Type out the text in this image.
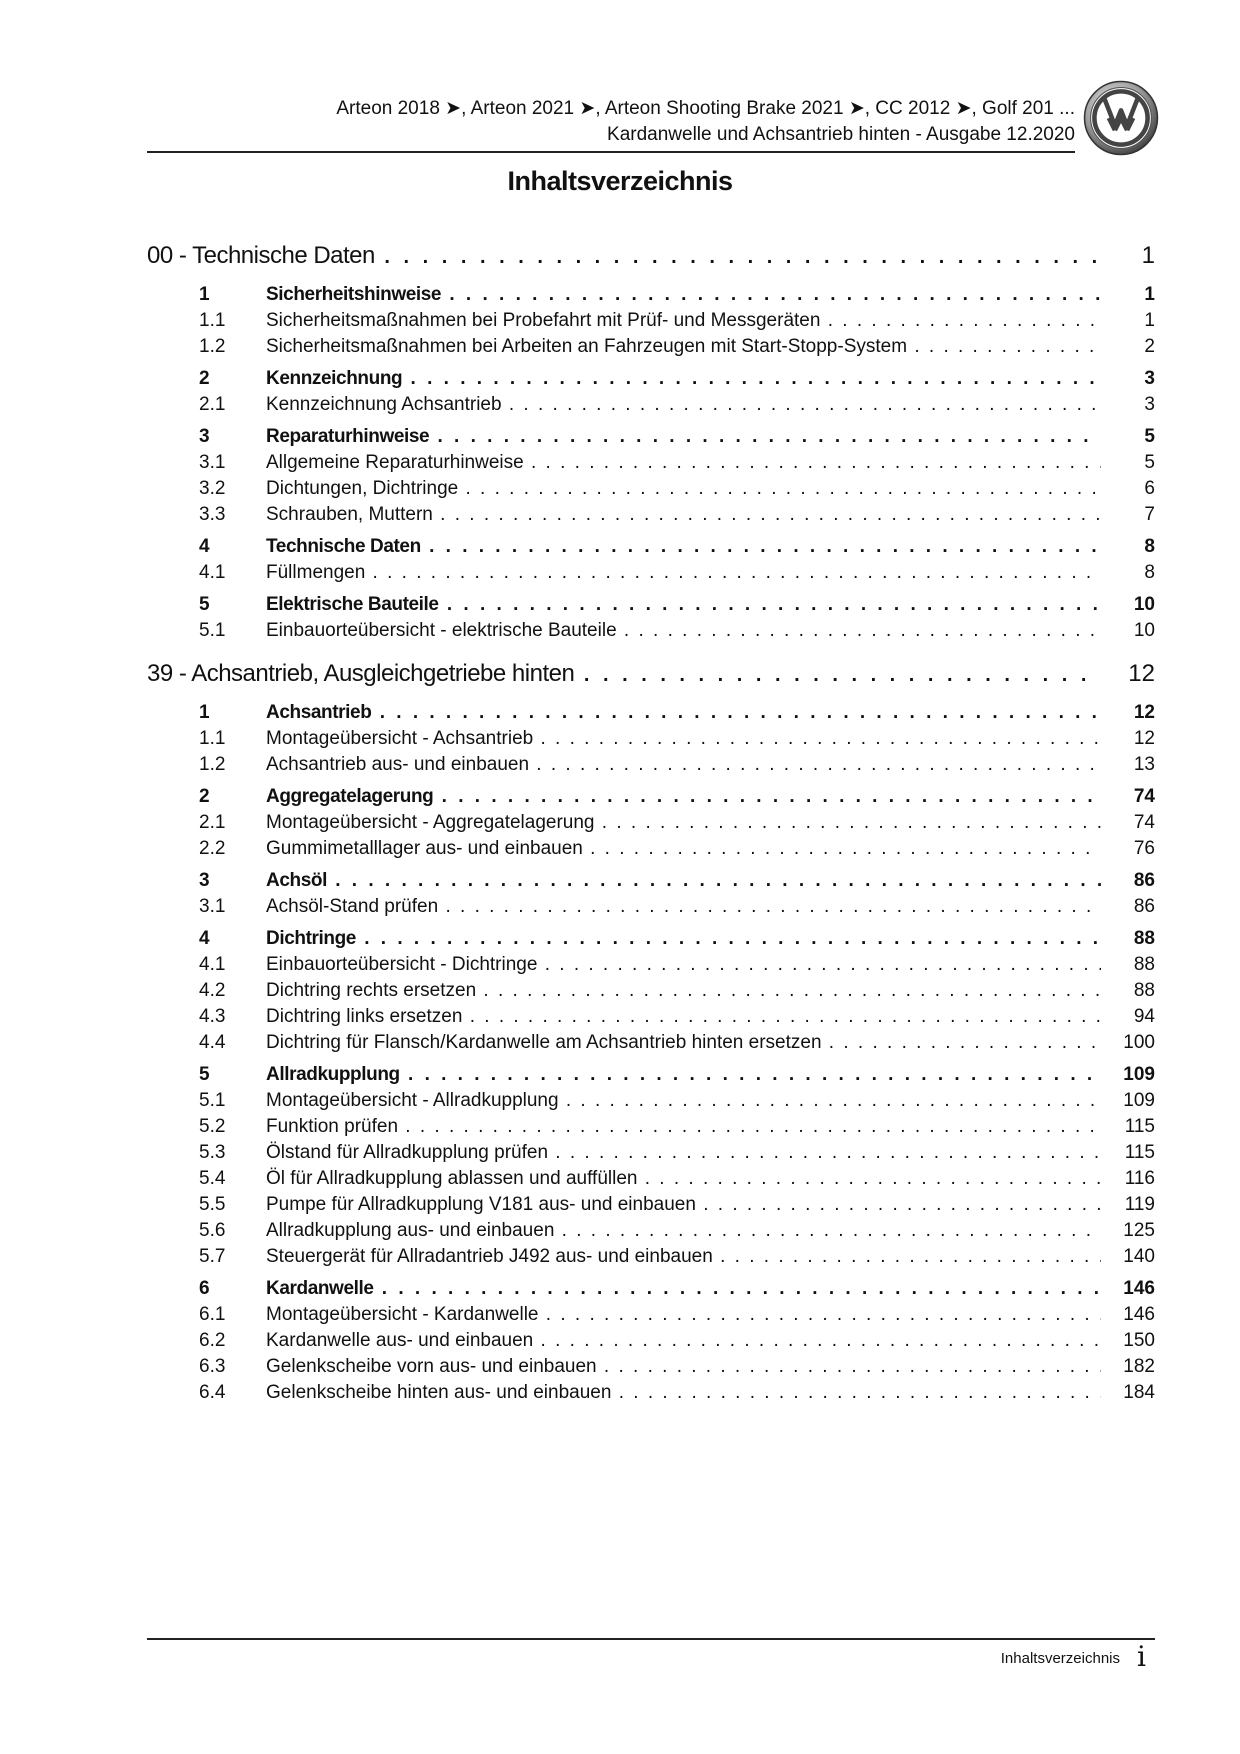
Arteon 2018 ➤, Arteon 2021 ➤, Arteon Shooting Brake 2021 ➤, CC 2012 ➤, Golf 201 ...
Kardanwelle und Achsantrieb hinten - Ausgabe 12.2020
Inhaltsverzeichnis
00 - Technische Daten . . .	1
1	Sicherheitshinweise . . .	1
1.1 Sicherheitsmaßnahmen bei Probefahrt mit Prüf- und Messgeräten . . .	1
1.2 Sicherheitsmaßnahmen bei Arbeiten an Fahrzeugen mit Start-Stopp-System . . .	2
2	Kennzeichnung . . .	3
2.1 Kennzeichnung Achsantrieb . . .	3
3	Reparaturhinweise . . .	5
3.1 Allgemeine Reparaturhinweise . . .	5
3.2 Dichtungen, Dichtringe . . .	6
3.3 Schrauben, Muttern . . .	7
4	Technische Daten . . .	8
4.1 Füllmengen . . .	8
5	Elektrische Bauteile . . .	10
5.1 Einbauorteübersicht - elektrische Bauteile . . .	10
39 - Achsantrieb, Ausgleichgetriebe hinten . . .	12
1	Achsantrieb . . .	12
1.1 Montageübersicht - Achsantrieb . . .	12
1.2 Achsantrieb aus- und einbauen . . .	13
2	Aggregatelagerung . . .	74
2.1 Montageübersicht - Aggregatelagerung . . .	74
2.2 Gummimetalllager aus- und einbauen . . .	76
3	Achsöl . . .	86
3.1 Achsöl-Stand prüfen . . .	86
4	Dichtringe . . .	88
4.1 Einbauorteübersicht - Dichtringe . . .	88
4.2 Dichtring rechts ersetzen . . .	88
4.3 Dichtring links ersetzen . . .	94
4.4 Dichtring für Flansch/Kardanwelle am Achsantrieb hinten ersetzen . . .	100
5	Allradkupplung . . .	109
5.1 Montageübersicht - Allradkupplung . . .	109
5.2 Funktion prüfen . . .	115
5.3 Ölstand für Allradkupplung prüfen . . .	115
5.4 Öl für Allradkupplung ablassen und auffüllen . . .	116
5.5 Pumpe für Allradkupplung V181 aus- und einbauen . . .	119
5.6 Allradkupplung aus- und einbauen . . .	125
5.7 Steuergerät für Allradantrieb J492 aus- und einbauen . . .	140
6	Kardanwelle . . .	146
6.1 Montageübersicht - Kardanwelle . . .	146
6.2 Kardanwelle aus- und einbauen . . .	150
6.3 Gelenkscheibe vorn aus- und einbauen . . .	182
6.4 Gelenkscheibe hinten aus- und einbauen . . .	184
Inhaltsverzeichnis i
